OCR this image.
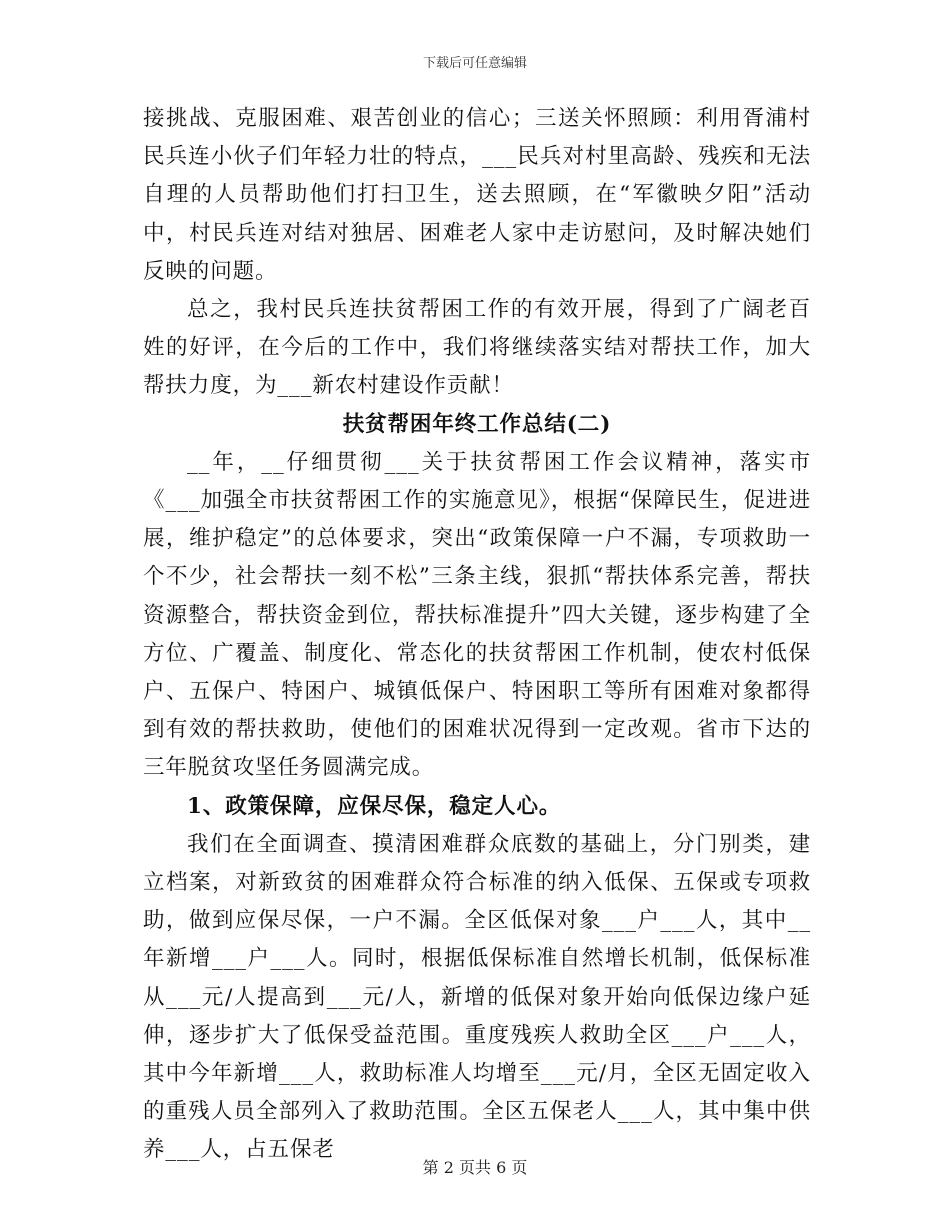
下载后可任意编辑

接挑战、克服困难、艰苦创业的信心；三送关怀照顾：利用胥浦村民兵连小伙子们年轻力壮的特点，___民兵对村里高龄、残疾和无法自理的人员帮助他们打扫卫生，送去照顾，在“军徽映夕阳”活动中，村民兵连对结对独居、困难老人家中走访慰问，及时解决她们反映的问题。

总之，我村民兵连扶贫帮困工作的有效开展，得到了广阔老百姓的好评，在今后的工作中，我们将继续落实结对帮扶工作，加大帮扶力度，为___新农村建设作贡献！

扶贫帮困年终工作总结(二)

__年，__仔细贯彻___关于扶贫帮困工作会议精神，落实市《___加强全市扶贫帮困工作的实施意见》，根据“保障民生，促进进展，维护稳定”的总体要求，突出“政策保障一户不漏，专项救助一个不少，社会帮扶一刻不松”三条主线，狠抓“帮扶体系完善，帮扶资源整合，帮扶资金到位，帮扶标准提升”四大关键，逐步构建了全方位、广覆盖、制度化、常态化的扶贫帮困工作机制，使农村低保户、五保户、特困户、城镇低保户、特困职工等所有困难对象都得到有效的帮扶救助，使他们的困难状况得到一定改观。省市下达的三年脱贫攻坚任务圆满完成。

1、政策保障，应保尽保，稳定人心。

我们在全面调查、摸清困难群众底数的基础上，分门别类，建立档案，对新致贫的困难群众符合标准的纳入低保、五保或专项救助，做到应保尽保，一户不漏。全区低保对象___户___人，其中__年新增___户___人。同时，根据低保标准自然增长机制，低保标准从___元/人提高到___元/人，新增的低保对象开始向低保边缘户延伸，逐步扩大了低保受益范围。重度残疾人救助全区___户___人，其中今年新增___人，救助标准人均增至___元/月，全区无固定收入的重残人员全部列入了救助范围。全区五保老人___人，其中集中供养___人，占五保老

第 2 页共 6 页
